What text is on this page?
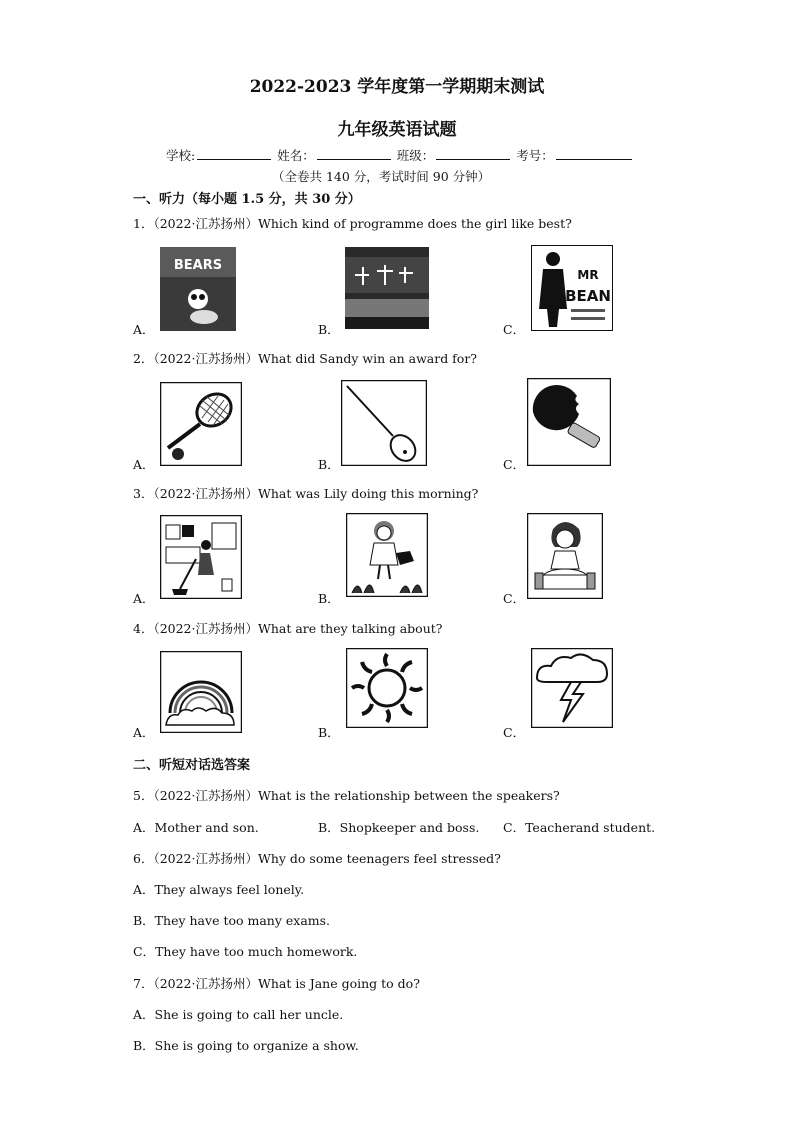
2022-2023 学年度第一学期期末测试
九年级英语试题
学校:	姓名：	班级：	考号：
（全卷共 140 分，考试时间 90 分钟）
一、听力（每小题 1.5 分，共 30 分）
1．（2022·江苏扬州）Which kind of programme does the girl like best?
A．	B．	C．
BEARS
MR
BEAN
2．（2022·江苏扬州）What did Sandy win an award for?
A．	B．	C．
3．（2022·江苏扬州）What was Lily doing this morning?
A．	B．	C．
4．（2022·江苏扬州）What are they talking about?
A．	B．	C．
二、听短对话选答案
5．（2022·江苏扬州）What is the relationship between the speakers?
A．Mother and son.	B．Shopkeeper and boss. C．Teacherand student.
6．（2022·江苏扬州）Why do some teenagers feel stressed?
A．They always feel lonely.
B．They have too many exams.
C．They have too much homework.
7．（2022·江苏扬州）What is Jane going to do?
A．She is going to call her uncle.
B．She is going to organize a show.
